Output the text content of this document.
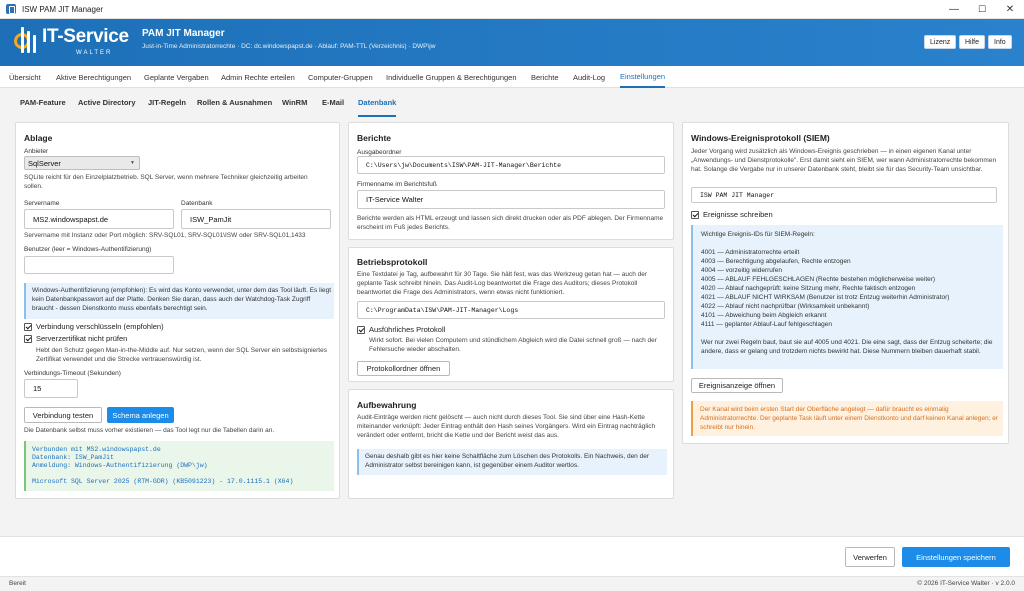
ISW PAM JIT Manager	—	☐	✕
IT-Service
WALTER
PAM JIT Manager
Just-in-Time Administratorrechte · DC: dc.windowspapst.de · Ablauf: PAM-TTL (Verzeichnis) · DWP\jw
Lizenz	Hilfe	Info
Übersicht Aktive Berechtigungen Geplante Vergaben Admin Rechte erteilen Computer-Gruppen Individuelle Gruppen & Berechtigungen Berichte Audit-Log Einstellungen
PAM-Feature Active Directory JIT-Regeln Rollen & Ausnahmen WinRM E-Mail Datenbank
Ablage
Anbieter
SqlServer	▼
SQLite reicht für den Einzelplatzbetrieb. SQL Server, wenn mehrere Techniker gleichzeitig arbeiten sollen.
Servername
MS2.windowspapst.de
Datenbank
ISW_PamJit
Servername mit Instanz oder Port möglich: SRV-SQL01, SRV-SQL01\ISW oder SRV-SQL01,1433
Benutzer (leer = Windows-Authentifizierung)
Windows-Authentifizierung (empfohlen): Es wird das Konto verwendet, unter dem das Tool läuft. Es liegt kein Datenbankpasswort auf der Platte. Denken Sie daran, dass auch der Watchdog-Task Zugriff braucht - dessen Dienstkonto muss ebenfalls berechtigt sein.
Verbindung verschlüsseln (empfohlen)
Serverzertifikat nicht prüfen
Hebt den Schutz gegen Man-in-the-Middle auf. Nur setzen, wenn der SQL Server ein selbstsigniertes Zertifikat verwendet und die Strecke vertrauenswürdig ist.
Verbindungs-Timeout (Sekunden)
15
Verbindung testen	Schema anlegen
Die Datenbank selbst muss vorher existieren — das Tool legt nur die Tabellen darin an.
Verbunden mit MS2.windowspapst.de
Datenbank: ISW_PamJit
Anmeldung: Windows-Authentifizierung (DWP\jw)
Microsoft SQL Server 2025 (RTM-GDR) (KB5091223) - 17.0.1115.1 (X64)
Berichte
Ausgabeordner
C:\Users\jw\Documents\ISW\PAM-JIT-Manager\Berichte
Firmenname im Berichtsfuß
IT-Service Walter
Berichte werden als HTML erzeugt und lassen sich direkt drucken oder als PDF ablegen. Der Firmenname erscheint im Fuß jedes Berichts.
Betriebsprotokoll
Eine Textdatei je Tag, aufbewahrt für 30 Tage. Sie hält fest, was das Werkzeug getan hat — auch der geplante Task schreibt hinein. Das Audit-Log beantwortet die Frage des Auditors; dieses Protokoll beantwortet die Frage des Administrators, wenn etwas nicht funktioniert.
C:\ProgramData\ISW\PAM-JIT-Manager\Logs
Ausführliches Protokoll
Wirkt sofort. Bei vielen Computern und stündlichem Abgleich wird die Datei schnell groß — nach der Fehlersuche wieder abschalten.
Protokollordner öffnen
Aufbewahrung
Audit-Einträge werden nicht gelöscht — auch nicht durch dieses Tool. Sie sind über eine Hash-Kette miteinander verknüpft: Jeder Eintrag enthält den Hash seines Vorgängers. Wird ein Eintrag nachträglich verändert oder entfernt, bricht die Kette und der Bericht weist das aus.
Genau deshalb gibt es hier keine Schaltfläche zum Löschen des Protokolls. Ein Nachweis, den der Administrator selbst bereinigen kann, ist gegenüber einem Auditor wertlos.
Windows-Ereignisprotokoll (SIEM)
Jeder Vorgang wird zusätzlich als Windows-Ereignis geschrieben — in einen eigenen Kanal unter „Anwendungs- und Dienstprotokolle". Erst damit sieht ein SIEM, wer wann Administratorrechte bekommen hat. Solange die Vergabe nur in unserer Datenbank steht, bleibt sie für das Security-Team unsichtbar.
ISW PAM JIT Manager
Ereignisse schreiben
Wichtige Ereignis-IDs für SIEM-Regeln:
4001 — Administratorrechte erteilt
4003 — Berechtigung abgelaufen, Rechte entzogen
4004 — vorzeitig widerrufen
4005 — ABLAUF FEHLGESCHLAGEN (Rechte bestehen möglicherweise weiter)
4020 — Ablauf nachgeprüft: keine Sitzung mehr, Rechte faktisch entzogen
4021 — ABLAUF NICHT WIRKSAM (Benutzer ist trotz Entzug weiterhin Administrator)
4022 — Ablauf nicht nachprüfbar (Wirksamkeit unbekannt)
4101 — Abweichung beim Abgleich erkannt
4111 — geplanter Ablauf-Lauf fehlgeschlagen
Wer nur zwei Regeln baut, baut sie auf 4005 und 4021. Die eine sagt, dass der Entzug scheiterte; die andere, dass er gelang und trotzdem nichts bewirkt hat. Diese Nummern bleiben dauerhaft stabil.
Ereignisanzeige öffnen
Der Kanal wird beim ersten Start der Oberfläche angelegt — dafür braucht es einmalig Administratorrechte. Der geplante Task läuft unter einem Dienstkonto und darf keinen Kanal anlegen; er schreibt nur hinein.
Verwerfen	Einstellungen speichern
Bereit	© 2026 IT-Service Walter · v 2.0.0
